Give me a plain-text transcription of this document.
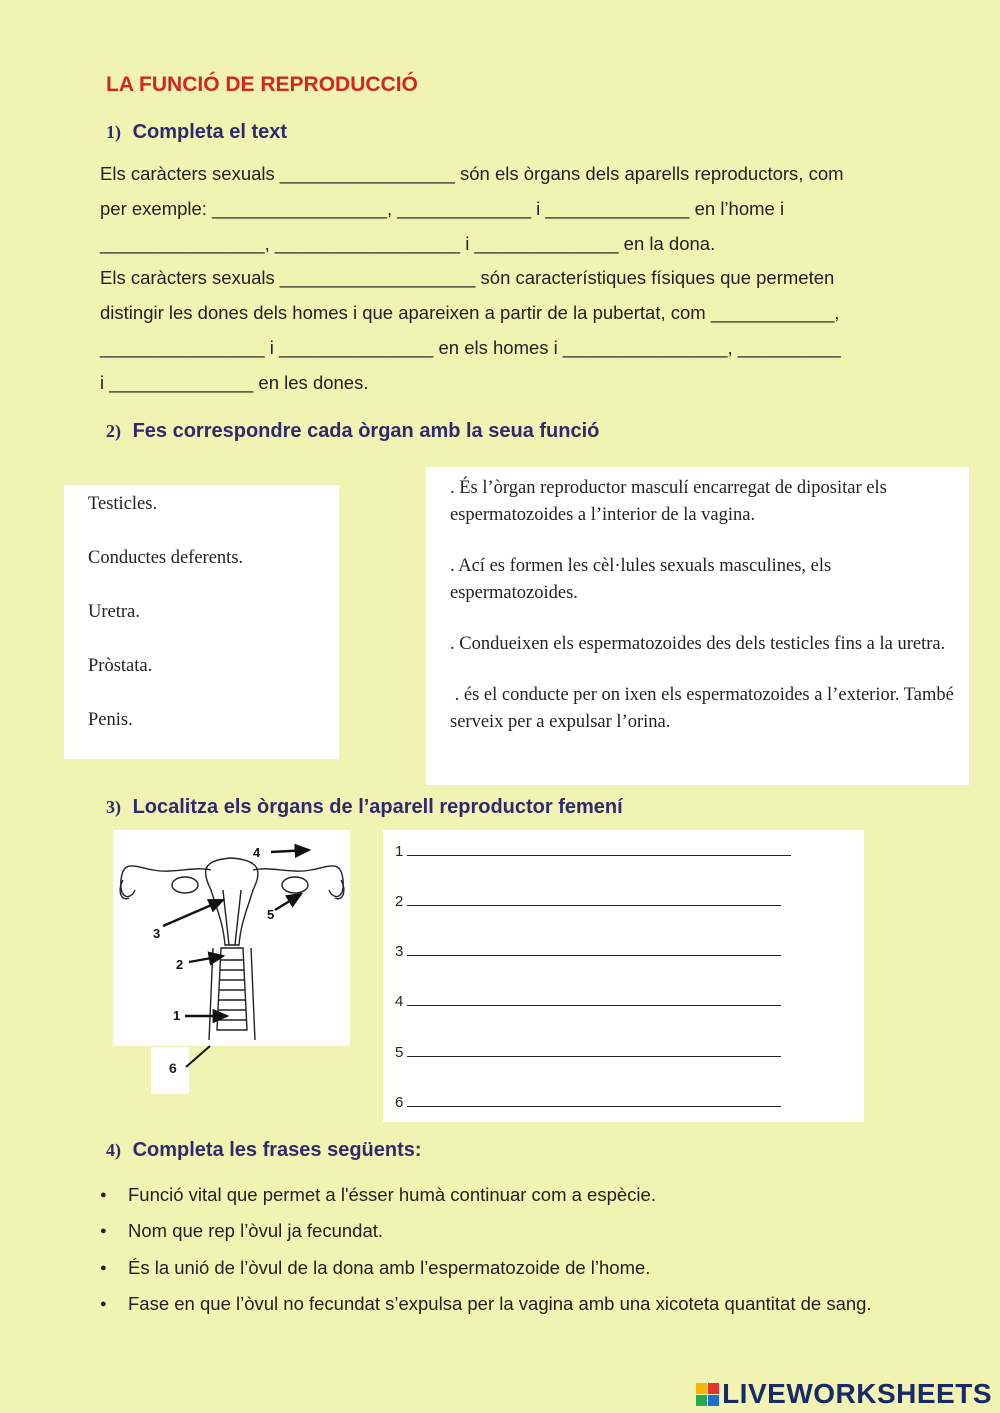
LA FUNCIÓ DE REPRODUCCIÓ
1) Completa el text
Els caràcters sexuals _________________ són els òrgans dels aparells reproductors, com
per exemple: _________________, _____________ i ______________ en l’home i
________________, __________________ i ______________ en la dona.
Els caràcters sexuals ___________________ són característiques físiques que permeten
distingir les dones dels homes i que apareixen a partir de la pubertat, com ____________,
________________ i _______________ en els homes i ________________, __________
i ______________ en les dones.
2) Fes correspondre cada òrgan amb la seua funció
Testicles.
Conductes deferents.
Uretra.
Pròstata.
Penis.

. És l’òrgan reproductor masculí encarregat de dipositar els espermatozoides a l’interior de la vagina.

. Ací es formen les cèl·lules sexuals masculines, els espermatozoides.

. Condueixen els espermatozoides des dels testicles fins a la uretra.

. és el conducte per on ixen els espermatozoides a l’exterior. També serveix per a expulsar l’orina.

3) Localitza els òrgans de l’aparell reproductor femení
4
5
3
2
1
6
1
2
3
4
5
6
4) Completa les frases següents:
● Funció vital que permet a l'ésser humà continuar com a espècie.
● Nom que rep l’òvul ja fecundat.
● És la unió de l’òvul de la dona amb l’espermatozoide de l’home.
● Fase en que l’òvul no fecundat s’expulsa per la vagina amb una xicoteta quantitat de sang.
LIVEWORKSHEETS
